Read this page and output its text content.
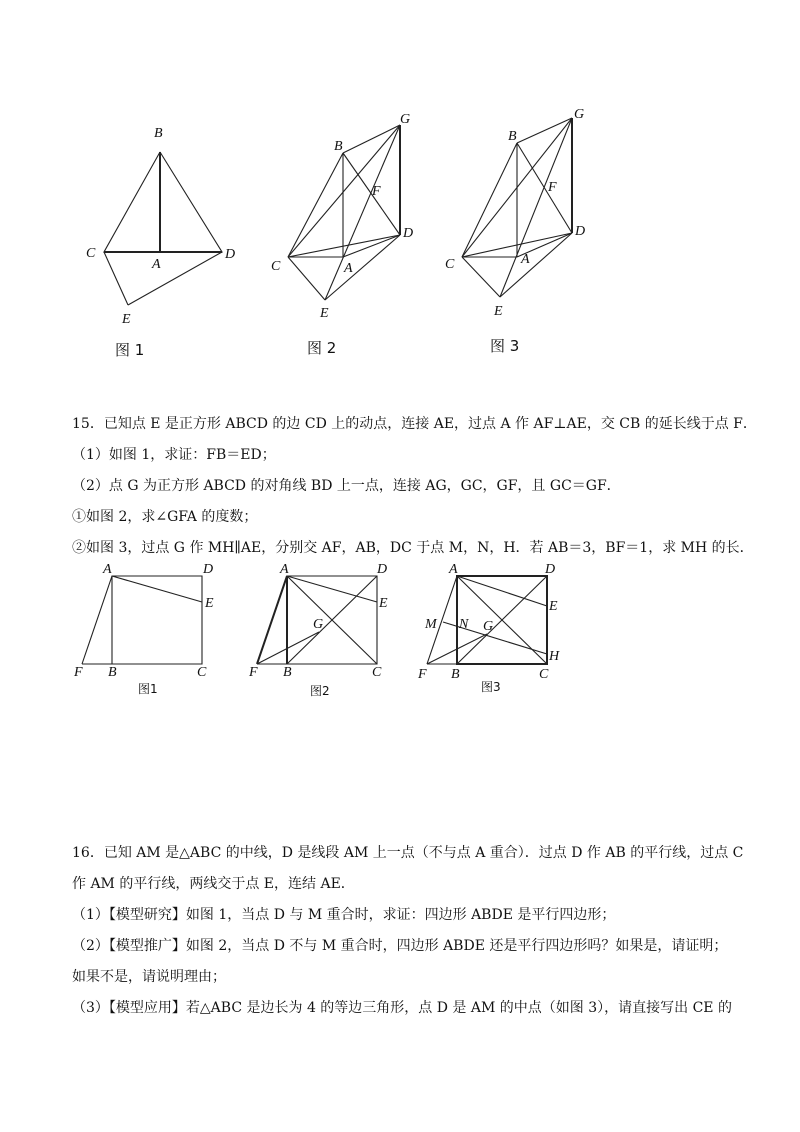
B
C
A
D
E
图 1
B
G
F
D
C	A
E
图 2
B
G
F
D
C	A
E
图 3
15．已知点 E 是正方形 ABCD 的边 CD 上的动点，连接 AE，过点 A 作 AF⊥AE，交 CB 的延长线于点 F．
（1）如图 1，求证：FB＝ED；
（2）点 G 为正方形 ABCD 的对角线 BD 上一点，连接 AG，GC，GF，且 GC＝GF．
①如图 2，求∠GFA 的度数；
②如图 3，过点 G 作 MH∥AE，分别交 AF，AB，DC 于点 M，N，H．若 AB＝3，BF＝1，求 MH 的长．
A	D
E
F B	C
图1
A	D
E
G
F B	C
图2
A	D
E
M N G
H
F B	C
图3
16．已知 AM 是△ABC 的中线，D 是线段 AM 上一点（不与点 A 重合）．过点 D 作 AB 的平行线，过点 C
作 AM 的平行线，两线交于点 E，连结 AE．
（1）【模型研究】如图 1，当点 D 与 M 重合时，求证：四边形 ABDE 是平行四边形；
（2）【模型推广】如图 2，当点 D 不与 M 重合时，四边形 ABDE 还是平行四边形吗？如果是，请证明；
如果不是，请说明理由；
（3）【模型应用】若△ABC 是边长为 4 的等边三角形，点 D 是 AM 的中点（如图 3），请直接写出 CE 的
